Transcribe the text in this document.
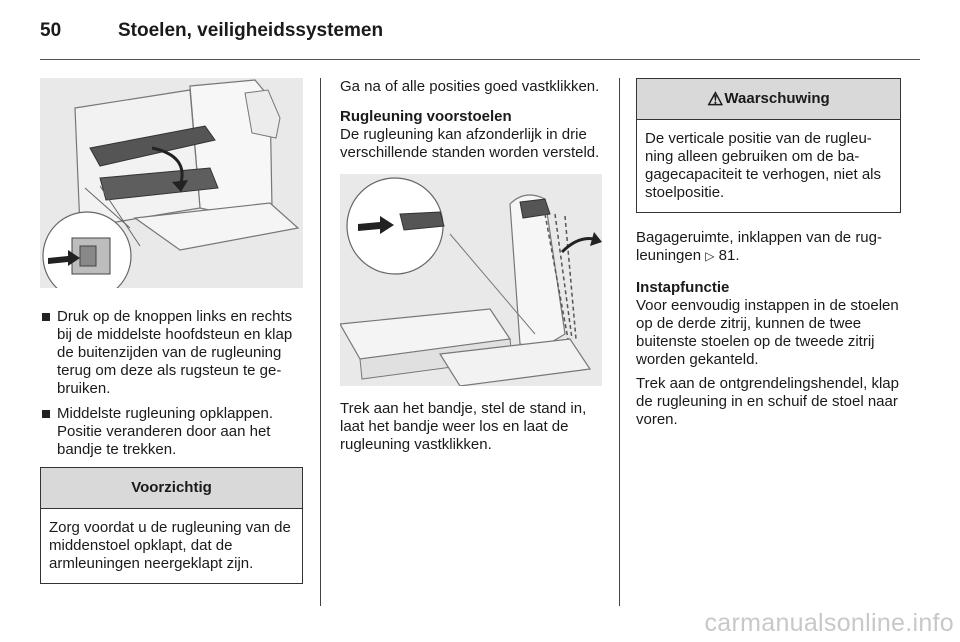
50	Stoelen, veiligheidssystemen
Druk op de knoppen links en rechts bij de middelste hoofdsteun en klap de buitenzijden van de rugleuning terug om deze als rugsteun te gebruiken.
Middelste rugleuning opklappen. Positie veranderen door aan het bandje te trekken.
Voorzichtig
Zorg voordat u de rugleuning van de middenstoel opklapt, dat de armleuningen neergeklapt zijn.

Ga na of alle posities goed vastklikken.

Rugleuning voorstoelen

De rugleuning kan afzonderlijk in drie verschillende standen worden versteld.

Trek aan het bandje, stel de stand in, laat het bandje weer los en laat de rugleuning vastklikken.

⚠ Waarschuwing
De verticale positie van de rugleuning alleen gebruiken om de bagagecapaciteit te verhogen, niet als stoelpositie.

Bagageruimte, inklappen van de rugleuningen ▷ 81.

Instapfunctie

Voor eenvoudig instappen in de stoelen op de derde zitrij, kunnen de twee buitenste stoelen op de tweede zitrij worden gekanteld.

Trek aan de ontgrendelingshendel, klap de rugleuning in en schuif de stoel naar voren.

carmanualsonline.info
